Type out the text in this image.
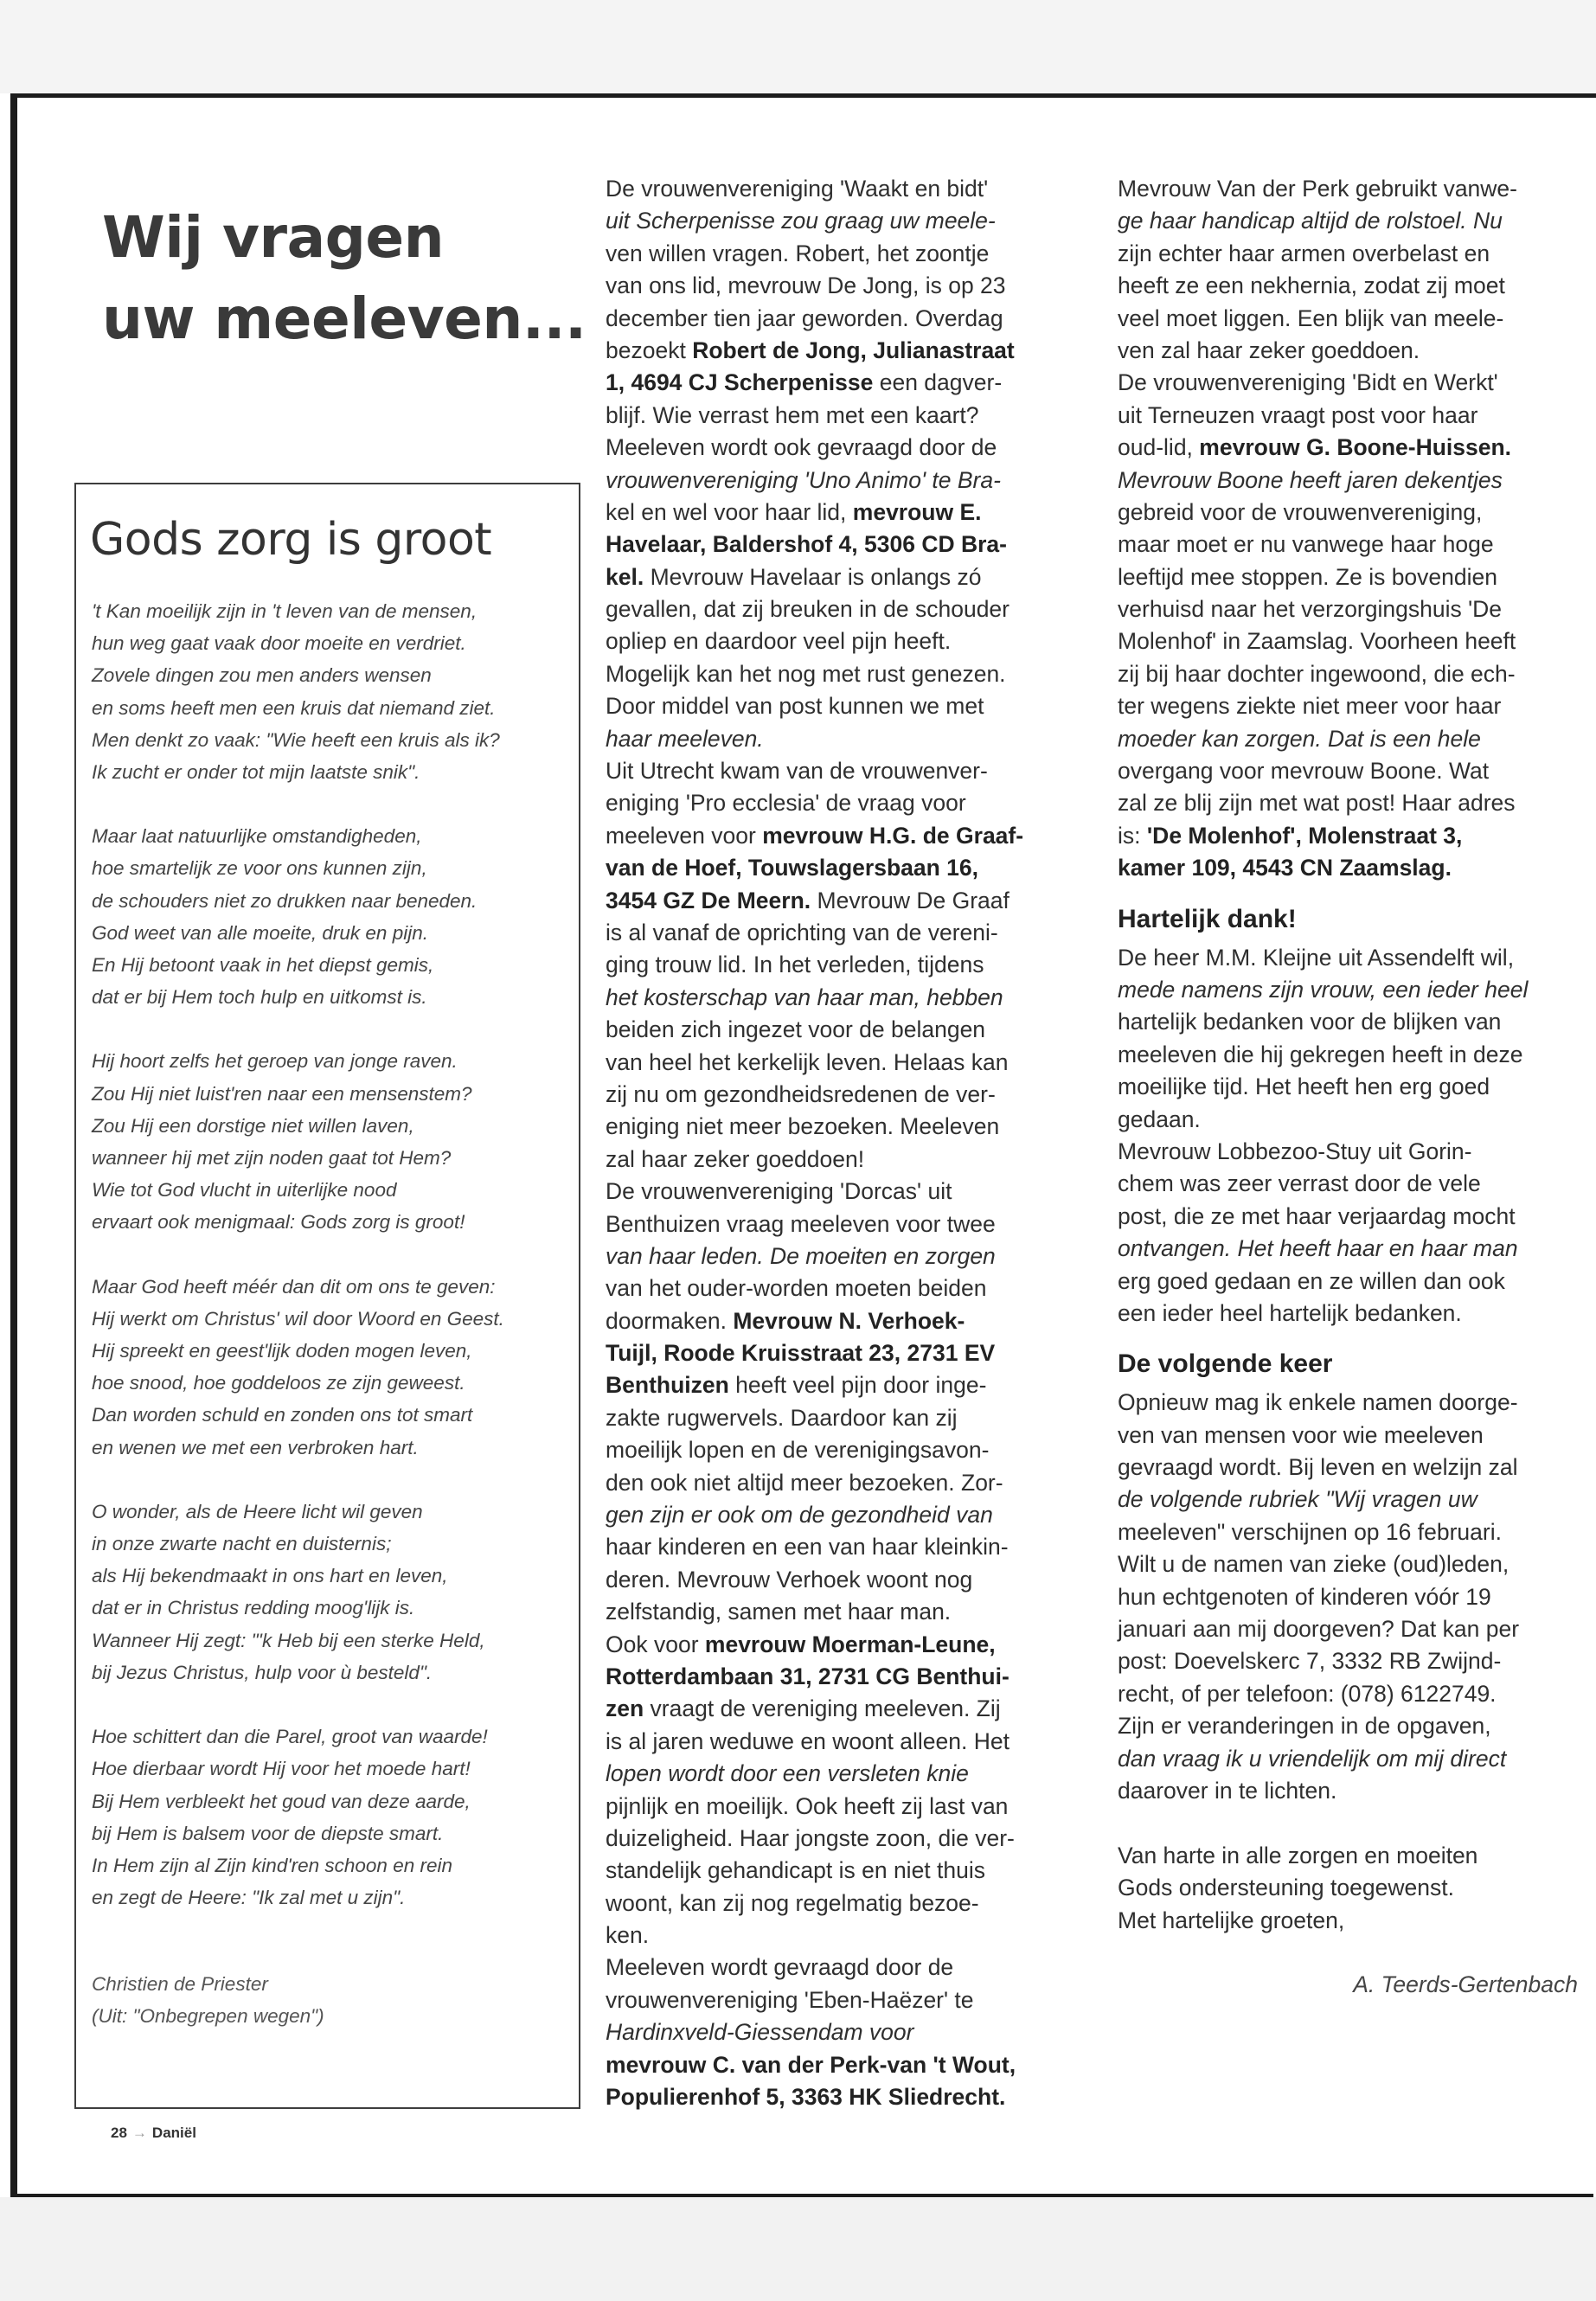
Wij vragen
uw meeleven...
Gods zorg is groot
't Kan moeilijk zijn in 't leven van de mensen,
hun weg gaat vaak door moeite en verdriet.
Zovele dingen zou men anders wensen
en soms heeft men een kruis dat niemand ziet.
Men denkt zo vaak: "Wie heeft een kruis als ik?
Ik zucht er onder tot mijn laatste snik".
Maar laat natuurlijke omstandigheden,
hoe smartelijk ze voor ons kunnen zijn,
de schouders niet zo drukken naar beneden.
God weet van alle moeite, druk en pijn.
En Hij betoont vaak in het diepst gemis,
dat er bij Hem toch hulp en uitkomst is.
Hij hoort zelfs het geroep van jonge raven.
Zou Hij niet luist'ren naar een mensenstem?
Zou Hij een dorstige niet willen laven,
wanneer hij met zijn noden gaat tot Hem?
Wie tot God vlucht in uiterlijke nood
ervaart ook menigmaal: Gods zorg is groot!
Maar God heeft méér dan dit om ons te geven:
Hij werkt om Christus' wil door Woord en Geest.
Hij spreekt en geest'lijk doden mogen leven,
hoe snood, hoe goddeloos ze zijn geweest.
Dan worden schuld en zonden ons tot smart
en wenen we met een verbroken hart.
O wonder, als de Heere licht wil geven
in onze zwarte nacht en duisternis;
als Hij bekendmaakt in ons hart en leven,
dat er in Christus redding moog'lijk is.
Wanneer Hij zegt: "'k Heb bij een sterke Held,
bij Jezus Christus, hulp voor ù besteld".
Hoe schittert dan die Parel, groot van waarde!
Hoe dierbaar wordt Hij voor het moede hart!
Bij Hem verbleekt het goud van deze aarde,
bij Hem is balsem voor de diepste smart.
In Hem zijn al Zijn kind'ren schoon en rein
en zegt de Heere: "Ik zal met u zijn".
Christien de Priester
(Uit: "Onbegrepen wegen")
De vrouwenvereniging 'Waakt en bidt'
uit Scherpenisse zou graag uw meele-
ven willen vragen. Robert, het zoontje
van ons lid, mevrouw De Jong, is op 23
december tien jaar geworden. Overdag
bezoekt Robert de Jong, Julianastraat
1, 4694 CJ Scherpenisse een dagver-
blijf. Wie verrast hem met een kaart?
Meeleven wordt ook gevraagd door de
vrouwenvereniging 'Uno Animo' te Bra-
kel en wel voor haar lid, mevrouw E.
Havelaar, Baldershof 4, 5306 CD Bra-
kel. Mevrouw Havelaar is onlangs zó
gevallen, dat zij breuken in de schouder
opliep en daardoor veel pijn heeft.
Mogelijk kan het nog met rust genezen.
Door middel van post kunnen we met
haar meeleven.
Uit Utrecht kwam van de vrouwenver-
eniging 'Pro ecclesia' de vraag voor
meeleven voor mevrouw H.G. de Graaf-
van de Hoef, Touwslagersbaan 16,
3454 GZ De Meern. Mevrouw De Graaf
is al vanaf de oprichting van de vereni-
ging trouw lid. In het verleden, tijdens
het kosterschap van haar man, hebben
beiden zich ingezet voor de belangen
van heel het kerkelijk leven. Helaas kan
zij nu om gezondheidsredenen de ver-
eniging niet meer bezoeken. Meeleven
zal haar zeker goeddoen!
De vrouwenvereniging 'Dorcas' uit
Benthuizen vraag meeleven voor twee
van haar leden. De moeiten en zorgen
van het ouder-worden moeten beiden
doormaken. Mevrouw N. Verhoek-
Tuijl, Roode Kruisstraat 23, 2731 EV
Benthuizen heeft veel pijn door inge-
zakte rugwervels. Daardoor kan zij
moeilijk lopen en de verenigingsavon-
den ook niet altijd meer bezoeken. Zor-
gen zijn er ook om de gezondheid van
haar kinderen en een van haar kleinkin-
deren. Mevrouw Verhoek woont nog
zelfstandig, samen met haar man.
Ook voor mevrouw Moerman-Leune,
Rotterdambaan 31, 2731 CG Benthui-
zen vraagt de vereniging meeleven. Zij
is al jaren weduwe en woont alleen. Het
lopen wordt door een versleten knie
pijnlijk en moeilijk. Ook heeft zij last van
duizeligheid. Haar jongste zoon, die ver-
standelijk gehandicapt is en niet thuis
woont, kan zij nog regelmatig bezoe-
ken.
Meeleven wordt gevraagd door de
vrouwenvereniging 'Eben-Haëzer' te
Hardinxveld-Giessendam voor
mevrouw C. van der Perk-van 't Wout,
Populierenhof 5, 3363 HK Sliedrecht.
Mevrouw Van der Perk gebruikt vanwe-
ge haar handicap altijd de rolstoel. Nu
zijn echter haar armen overbelast en
heeft ze een nekhernia, zodat zij moet
veel moet liggen. Een blijk van meele-
ven zal haar zeker goeddoen.
De vrouwenvereniging 'Bidt en Werkt'
uit Terneuzen vraagt post voor haar
oud-lid, mevrouw G. Boone-Huissen.
Mevrouw Boone heeft jaren dekentjes
gebreid voor de vrouwenvereniging,
maar moet er nu vanwege haar hoge
leeftijd mee stoppen. Ze is bovendien
verhuisd naar het verzorgingshuis 'De
Molenhof' in Zaamslag. Voorheen heeft
zij bij haar dochter ingewoond, die ech-
ter wegens ziekte niet meer voor haar
moeder kan zorgen. Dat is een hele
overgang voor mevrouw Boone. Wat
zal ze blij zijn met wat post! Haar adres
is: 'De Molenhof', Molenstraat 3,
kamer 109, 4543 CN Zaamslag.
Hartelijk dank!
De heer M.M. Kleijne uit Assendelft wil,
mede namens zijn vrouw, een ieder heel
hartelijk bedanken voor de blijken van
meeleven die hij gekregen heeft in deze
moeilijke tijd. Het heeft hen erg goed
gedaan.
Mevrouw Lobbezoo-Stuy uit Gorin-
chem was zeer verrast door de vele
post, die ze met haar verjaardag mocht
ontvangen. Het heeft haar en haar man
erg goed gedaan en ze willen dan ook
een ieder heel hartelijk bedanken.
De volgende keer
Opnieuw mag ik enkele namen doorge-
ven van mensen voor wie meeleven
gevraagd wordt. Bij leven en welzijn zal
de volgende rubriek "Wij vragen uw
meeleven" verschijnen op 16 februari.
Wilt u de namen van zieke (oud)leden,
hun echtgenoten of kinderen vóór 19
januari aan mij doorgeven? Dat kan per
post: Doevelskerc 7, 3332 RB Zwijnd-
recht, of per telefoon: (078) 6122749.
Zijn er veranderingen in de opgaven,
dan vraag ik u vriendelijk om mij direct
daarover in te lichten.
Van harte in alle zorgen en moeiten
Gods ondersteuning toegewenst.
Met hartelijke groeten,
A. Teerds-Gertenbach
28 → Daniël
